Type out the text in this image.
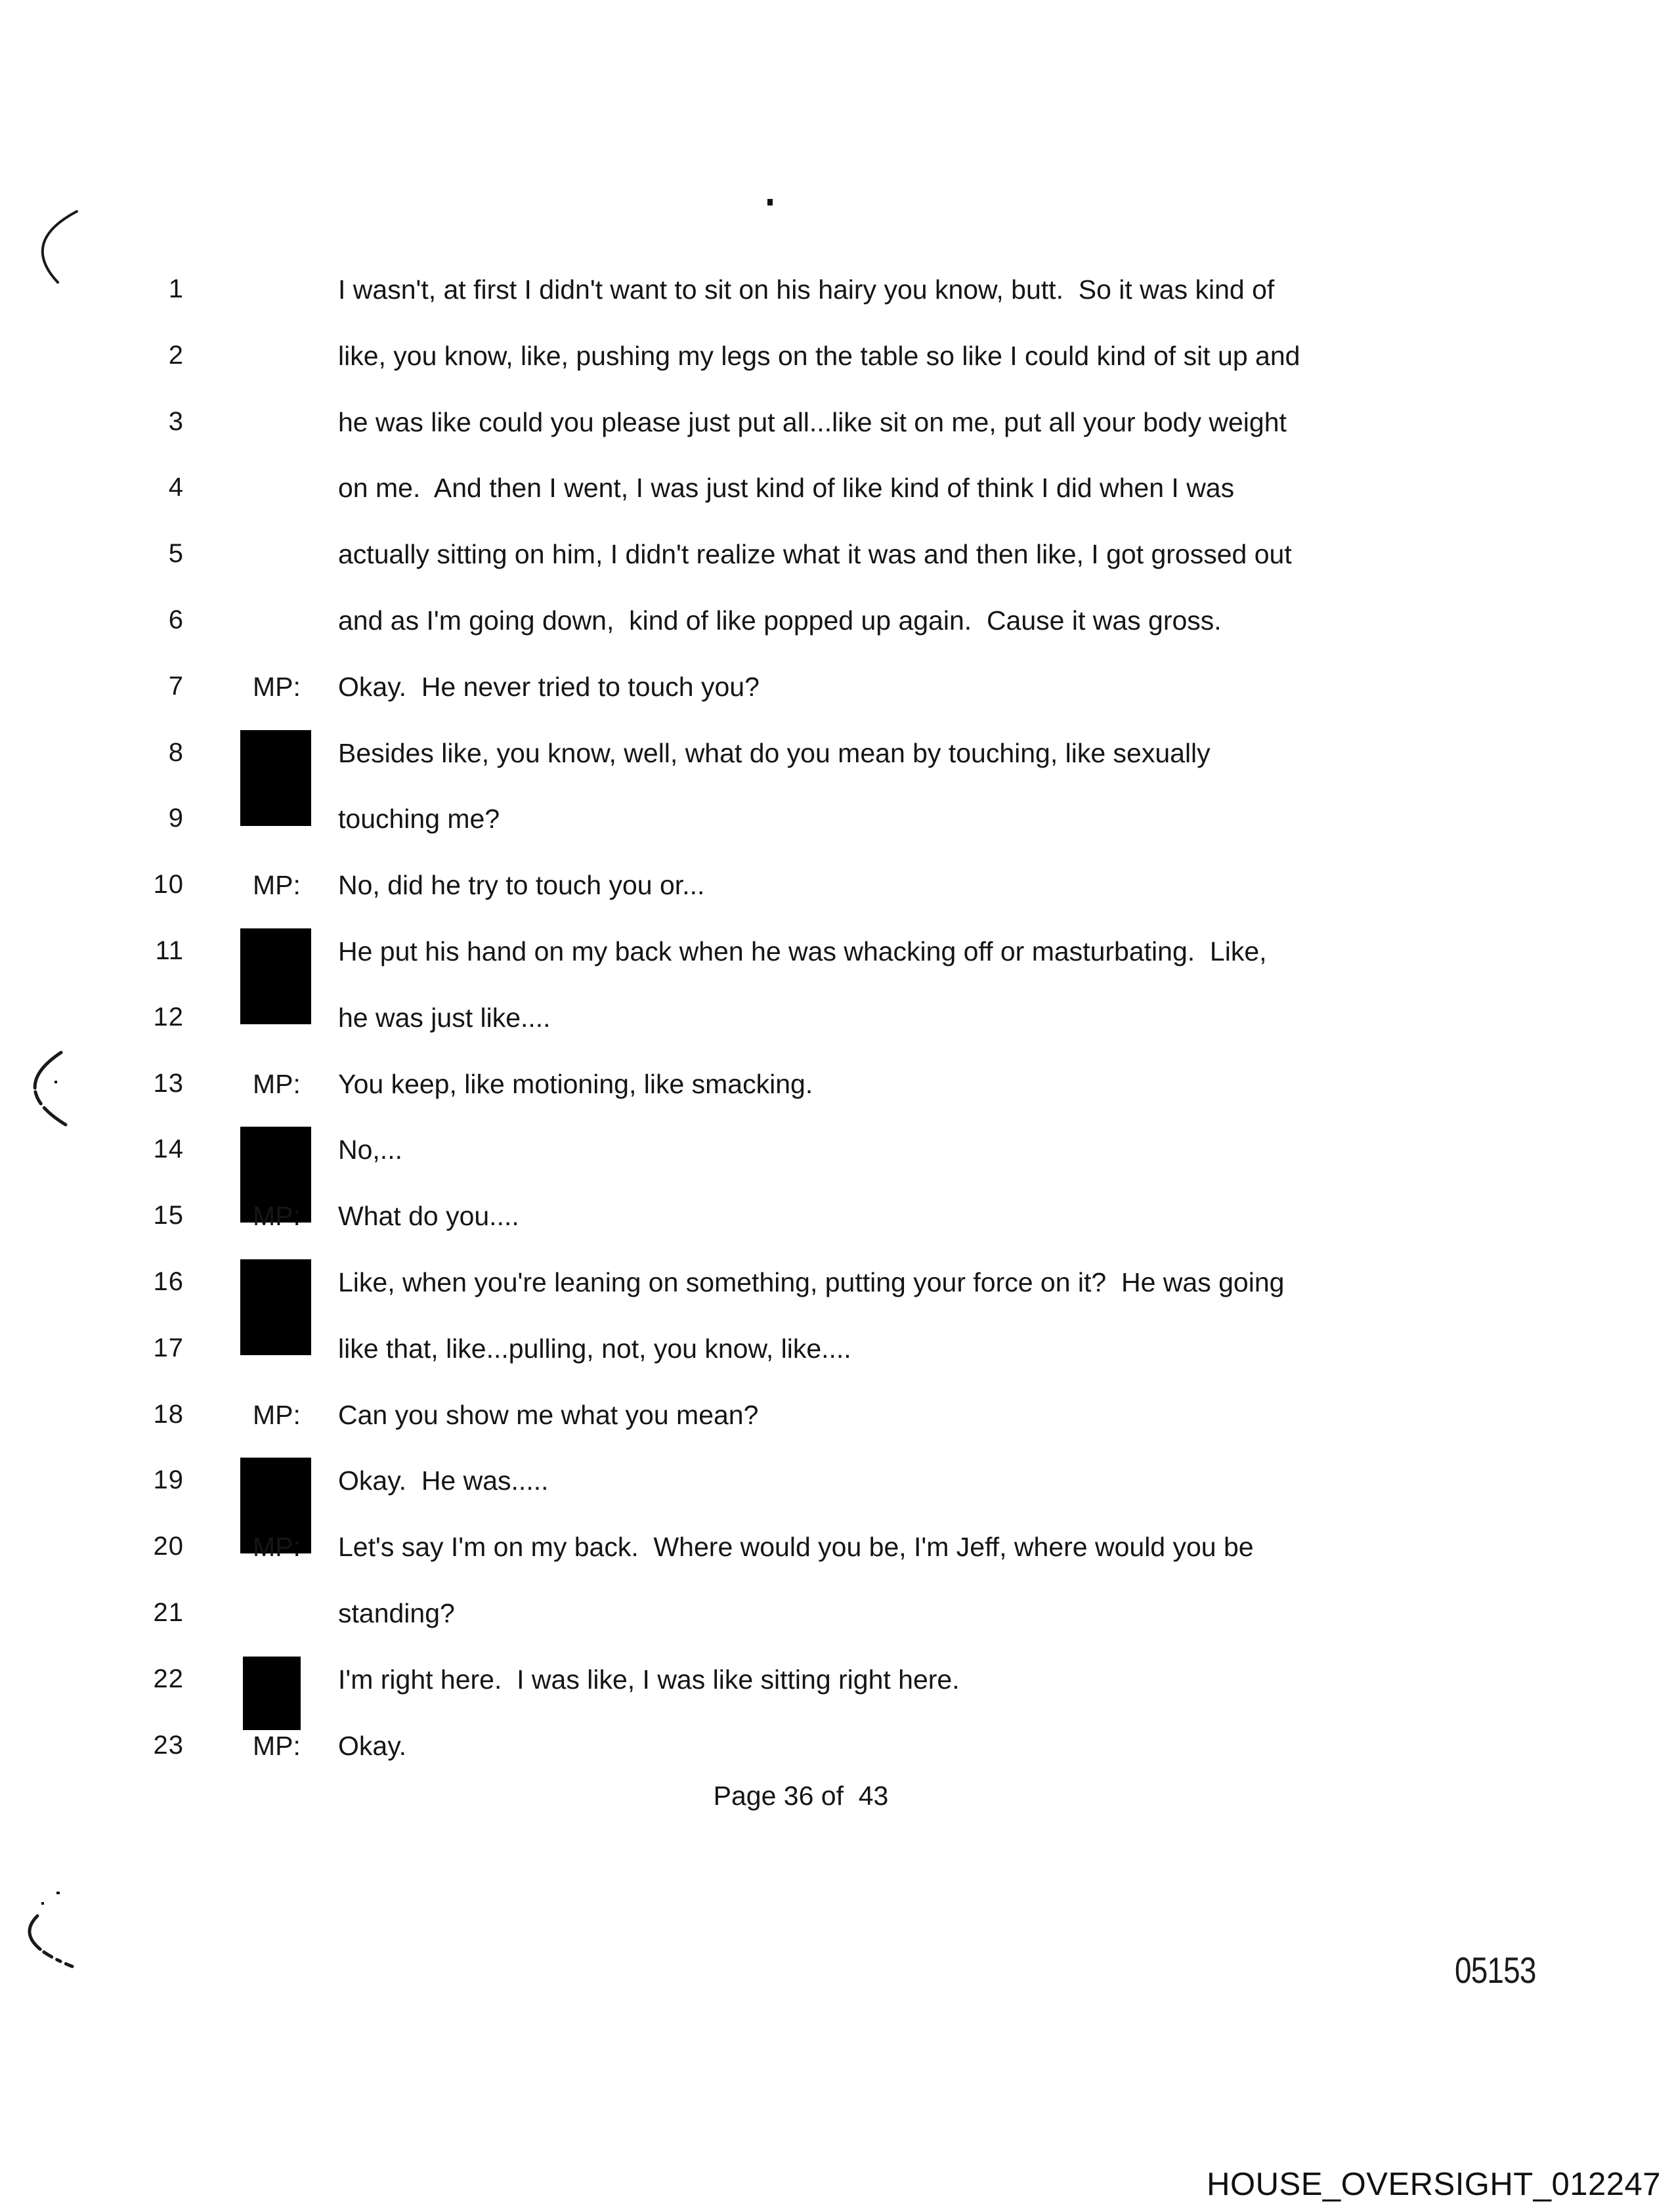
1	I wasn't, at first I didn't want to sit on his hairy you know, butt.  So it was kind of
2	like, you know, like, pushing my legs on the table so like I could kind of sit up and
3	he was like could you please just put all...like sit on me, put all your body weight
4	on me.  And then I went, I was just kind of like kind of think I did when I was
5	actually sitting on him, I didn't realize what it was and then like, I got grossed out
6	and as I'm going down,  kind of like popped up again.  Cause it was gross.
7	MP: Okay.  He never tried to touch you?
8	Besides like, you know, well, what do you mean by touching, like sexually
9	touching me?
10	MP: No, did he try to touch you or...
11	He put his hand on my back when he was whacking off or masturbating.  Like,
12	he was just like....
13	MP: You keep, like motioning, like smacking.
14	No,...
15	MP: What do you....
16	Like, when you're leaning on something, putting your force on it?  He was going
17	like that, like...pulling, not, you know, like....
18	MP: Can you show me what you mean?
19	Okay.  He was.....
20	MP: Let's say I'm on my back.  Where would you be, I'm Jeff, where would you be
21	standing?
22	I'm right here.  I was like, I was like sitting right here.
23	MP: Okay.
Page 36 of  43
05153
HOUSE_OVERSIGHT_012247
